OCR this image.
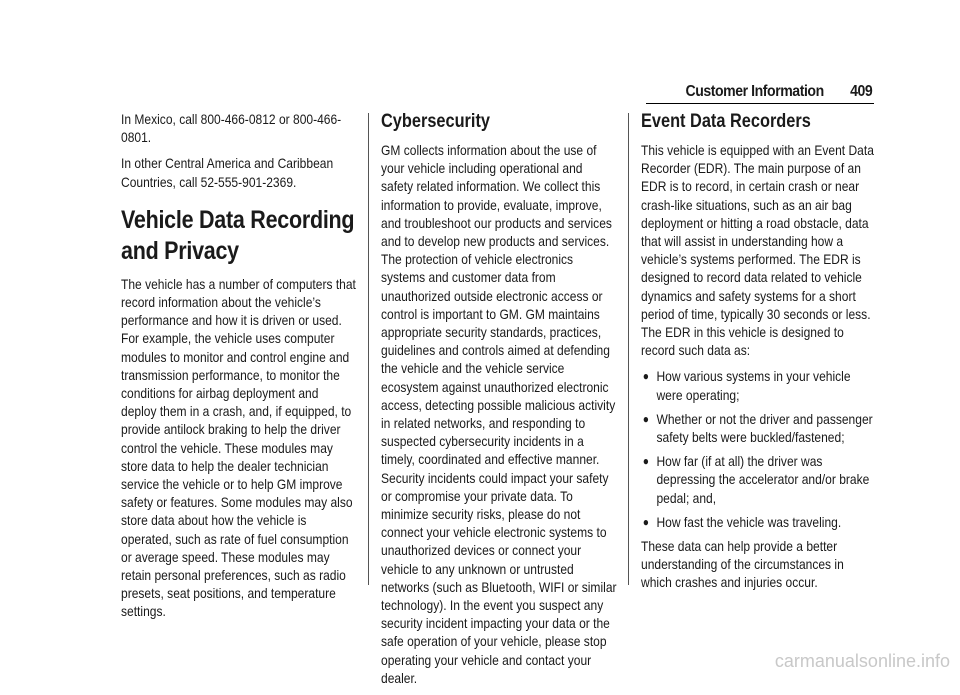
Customer Information 409

In Mexico, call 800-466-0812 or 800-466-0801.

In other Central America and Caribbean Countries, call 52-555-901-2369.

Vehicle Data Recording and Privacy

The vehicle has a number of computers that record information about the vehicle’s performance and how it is driven or used. For example, the vehicle uses computer modules to monitor and control engine and transmission performance, to monitor the conditions for airbag deployment and deploy them in a crash, and, if equipped, to provide antilock braking to help the driver control the vehicle. These modules may store data to help the dealer technician service the vehicle or to help GM improve safety or features. Some modules may also store data about how the vehicle is operated, such as rate of fuel consumption or average speed. These modules may retain personal preferences, such as radio presets, seat positions, and temperature settings.

Cybersecurity

GM collects information about the use of your vehicle including operational and safety related information. We collect this information to provide, evaluate, improve, and troubleshoot our products and services and to develop new products and services. The protection of vehicle electronics systems and customer data from unauthorized outside electronic access or control is important to GM. GM maintains appropriate security standards, practices, guidelines and controls aimed at defending the vehicle and the vehicle service ecosystem against unauthorized electronic access, detecting possible malicious activity in related networks, and responding to suspected cybersecurity incidents in a timely, coordinated and effective manner. Security incidents could impact your safety or compromise your private data. To minimize security risks, please do not connect your vehicle electronic systems to unauthorized devices or connect your vehicle to any unknown or untrusted networks (such as Bluetooth, WIFI or similar technology). In the event you suspect any security incident impacting your data or the safe operation of your vehicle, please stop operating your vehicle and contact your dealer.

Event Data Recorders

This vehicle is equipped with an Event Data Recorder (EDR). The main purpose of an EDR is to record, in certain crash or near crash-like situations, such as an air bag deployment or hitting a road obstacle, data that will assist in understanding how a vehicle’s systems performed. The EDR is designed to record data related to vehicle dynamics and safety systems for a short period of time, typically 30 seconds or less. The EDR in this vehicle is designed to record such data as:

● How various systems in your vehicle were operating;
● Whether or not the driver and passenger safety belts were buckled/fastened;
● How far (if at all) the driver was depressing the accelerator and/or brake pedal; and,
● How fast the vehicle was traveling.

These data can help provide a better understanding of the circumstances in which crashes and injuries occur.

carmanualsonline.info
